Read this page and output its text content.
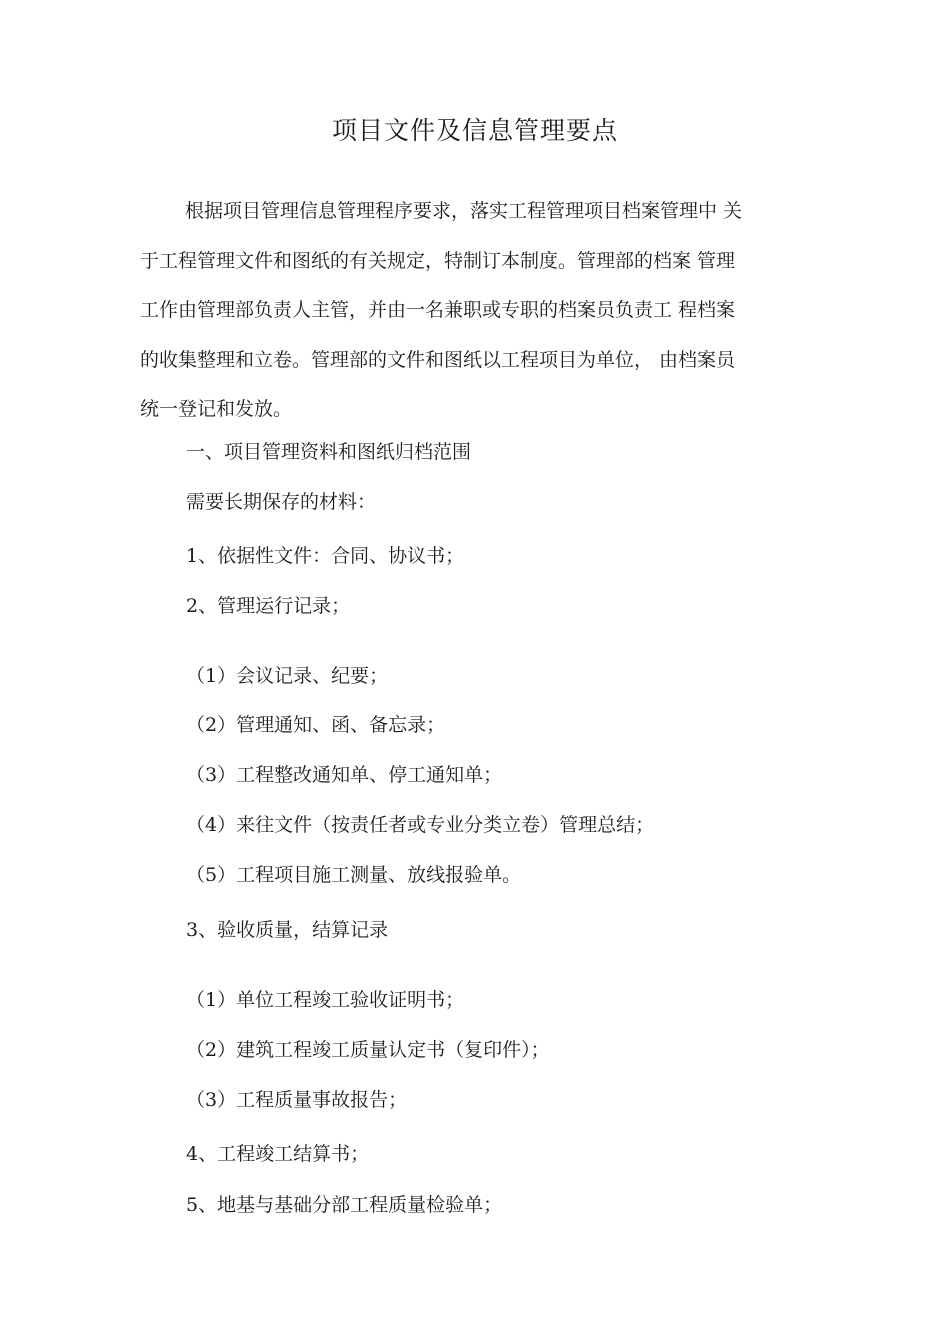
项目文件及信息管理要点
根据项目管理信息管理程序要求，落实工程管理项目档案管理中 关
于工程管理文件和图纸的有关规定，特制订本制度。管理部的档案 管理
工作由管理部负责人主管，并由一名兼职或专职的档案员负责工 程档案
的收集整理和立卷。管理部的文件和图纸以工程项目为单位， 由档案员
统一登记和发放。
一、项目管理资料和图纸归档范围
需要长期保存的材料：
1、依据性文件：合同、协议书；
2、管理运行记录；
（1）会议记录、纪要；
（2）管理通知、函、备忘录；
（3）工程整改通知单、停工通知单；
（4）来往文件（按责任者或专业分类立卷）管理总结；
（5）工程项目施工测量、放线报验单。
3、验收质量，结算记录
（1）单位工程竣工验收证明书；
（2）建筑工程竣工质量认定书（复印件）；
（3）工程质量事故报告；
4、工程竣工结算书；
5、地基与基础分部工程质量检验单；
